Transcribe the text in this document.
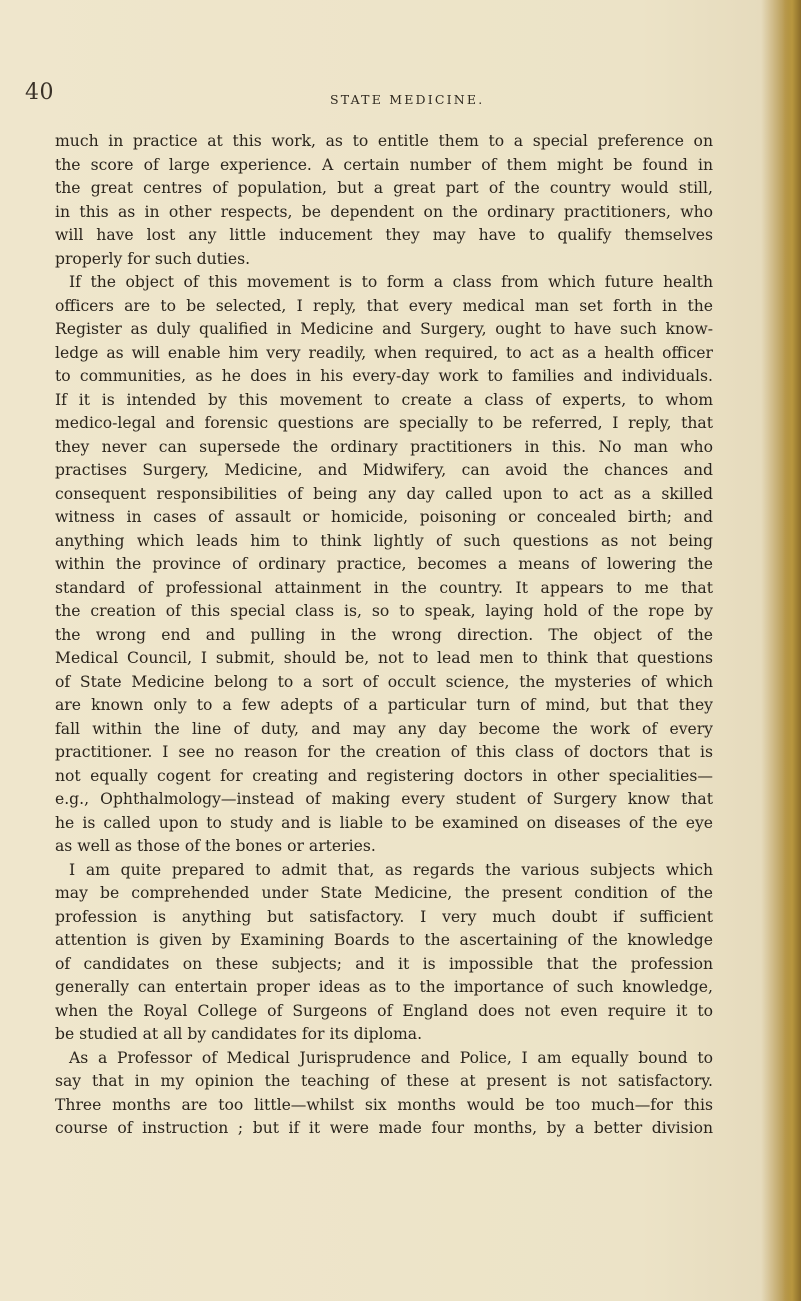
40	STATE MEDICINE.
much in practice at this work, as to entitle them to a special preference on
the score of large experience. A certain number of them might be found in
the great centres of population, but a great part of the country would still,
in this as in other respects, be dependent on the ordinary practitioners, who
will have lost any little inducement they may have to qualify themselves
properly for such duties.
If the object of this movement is to form a class from which future health
officers are to be selected, I reply, that every medical man set forth in the
Register as duly qualified in Medicine and Surgery, ought to have such know-
ledge as will enable him very readily, when required, to act as a health officer
to communities, as he does in his every-day work to families and individuals.
If it is intended by this movement to create a class of experts, to whom
medico-legal and forensic questions are specially to be referred, I reply, that
they never can supersede the ordinary practitioners in this. No man who
practises Surgery, Medicine, and Midwifery, can avoid the chances and
consequent responsibilities of being any day called upon to act as a skilled
witness in cases of assault or homicide, poisoning or concealed birth; and
anything which leads him to think lightly of such questions as not being
within the province of ordinary practice, becomes a means of lowering the
standard of professional attainment in the country. It appears to me that
the creation of this special class is, so to speak, laying hold of the rope by
the wrong end and pulling in the wrong direction. The object of the
Medical Council, I submit, should be, not to lead men to think that questions
of State Medicine belong to a sort of occult science, the mysteries of which
are known only to a few adepts of a particular turn of mind, but that they
fall within the line of duty, and may any day become the work of every
practitioner. I see no reason for the creation of this class of doctors that is
not equally cogent for creating and registering doctors in other specialities—
e.g., Ophthalmology—instead of making every student of Surgery know that
he is called upon to study and is liable to be examined on diseases of the eye
as well as those of the bones or arteries.
I am quite prepared to admit that, as regards the various subjects which
may be comprehended under State Medicine, the present condition of the
profession is anything but satisfactory. I very much doubt if sufficient
attention is given by Examining Boards to the ascertaining of the knowledge
of candidates on these subjects; and it is impossible that the profession
generally can entertain proper ideas as to the importance of such knowledge,
when the Royal College of Surgeons of England does not even require it to
be studied at all by candidates for its diploma.
As a Professor of Medical Jurisprudence and Police, I am equally bound to
say that in my opinion the teaching of these at present is not satisfactory.
Three months are too little—whilst six months would be too much—for this
course of instruction ; but if it were made four months, by a better division
